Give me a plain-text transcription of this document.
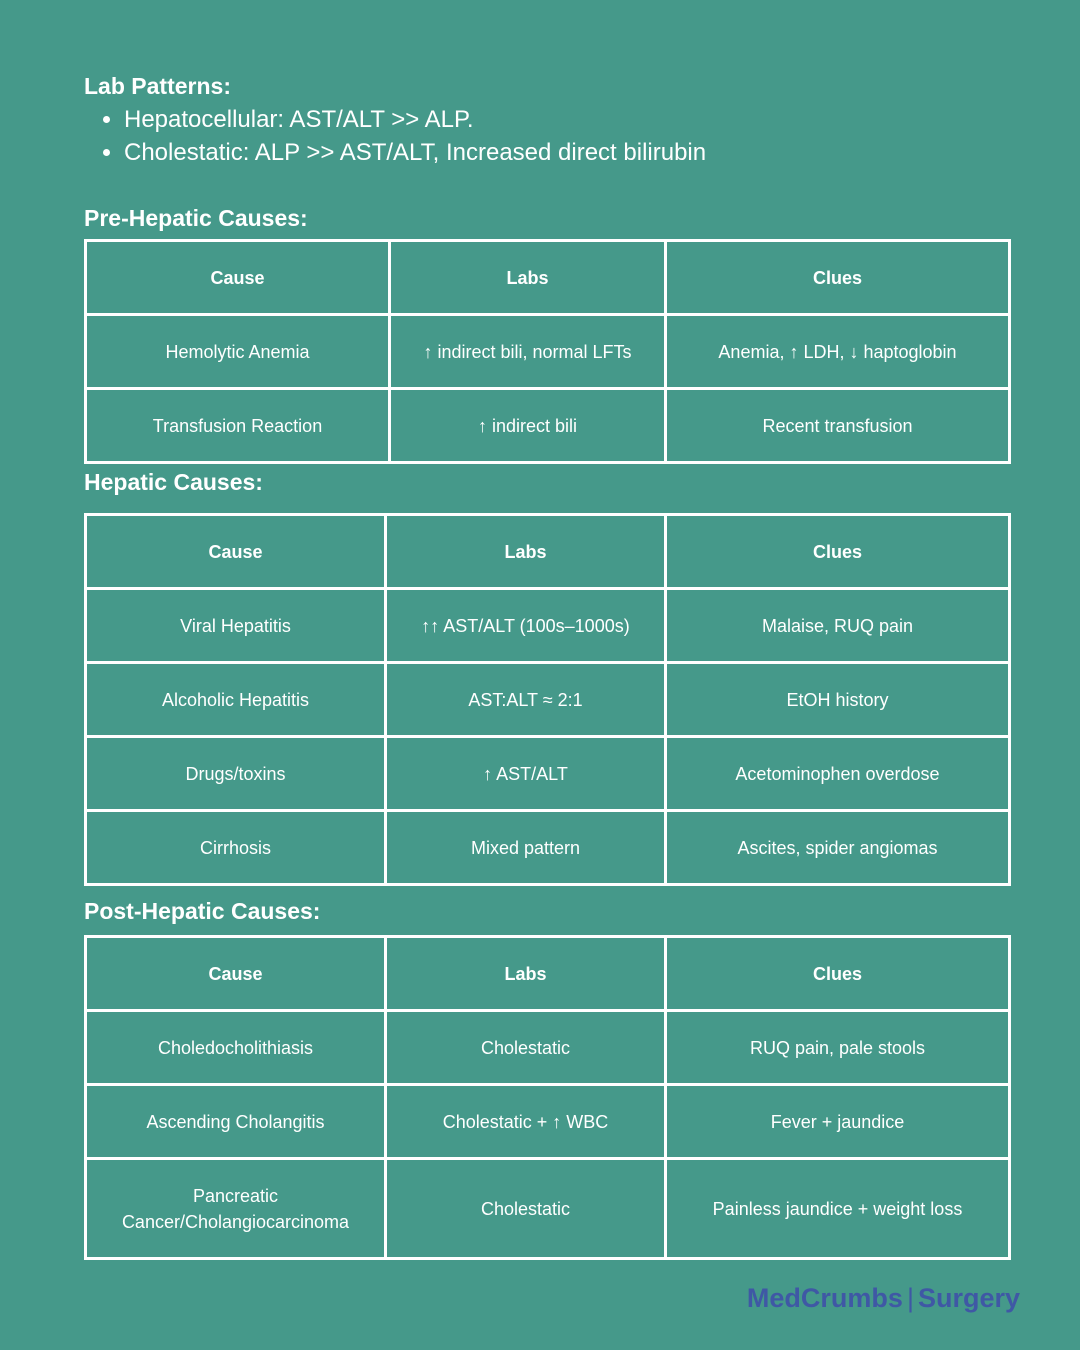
Lab Patterns:
• Hepatocellular: AST/ALT >> ALP.
• Cholestatic: ALP >> AST/ALT, Increased direct bilirubin
Pre-Hepatic Causes:
Cause	Labs	Clues
Hemolytic Anemia	↑ indirect bili, normal LFTs	Anemia, ↑ LDH, ↓ haptoglobin
Transfusion Reaction	↑ indirect bili	Recent transfusion
Hepatic Causes:
Cause	Labs	Clues
Viral Hepatitis	↑↑ AST/ALT (100s–1000s)	Malaise, RUQ pain
Alcoholic Hepatitis	AST:ALT ≈ 2:1	EtOH history
Drugs/toxins	↑ AST/ALT	Acetominophen overdose
Cirrhosis	Mixed pattern	Ascites, spider angiomas
Post-Hepatic Causes:
Cause	Labs	Clues
Choledocholithiasis	Cholestatic	RUQ pain, pale stools
Ascending Cholangitis	Cholestatic + ↑ WBC	Fever + jaundice
Pancreatic Cancer/Cholangiocarcinoma	Cholestatic	Painless jaundice + weight loss
MedCrumbs | Surgery
